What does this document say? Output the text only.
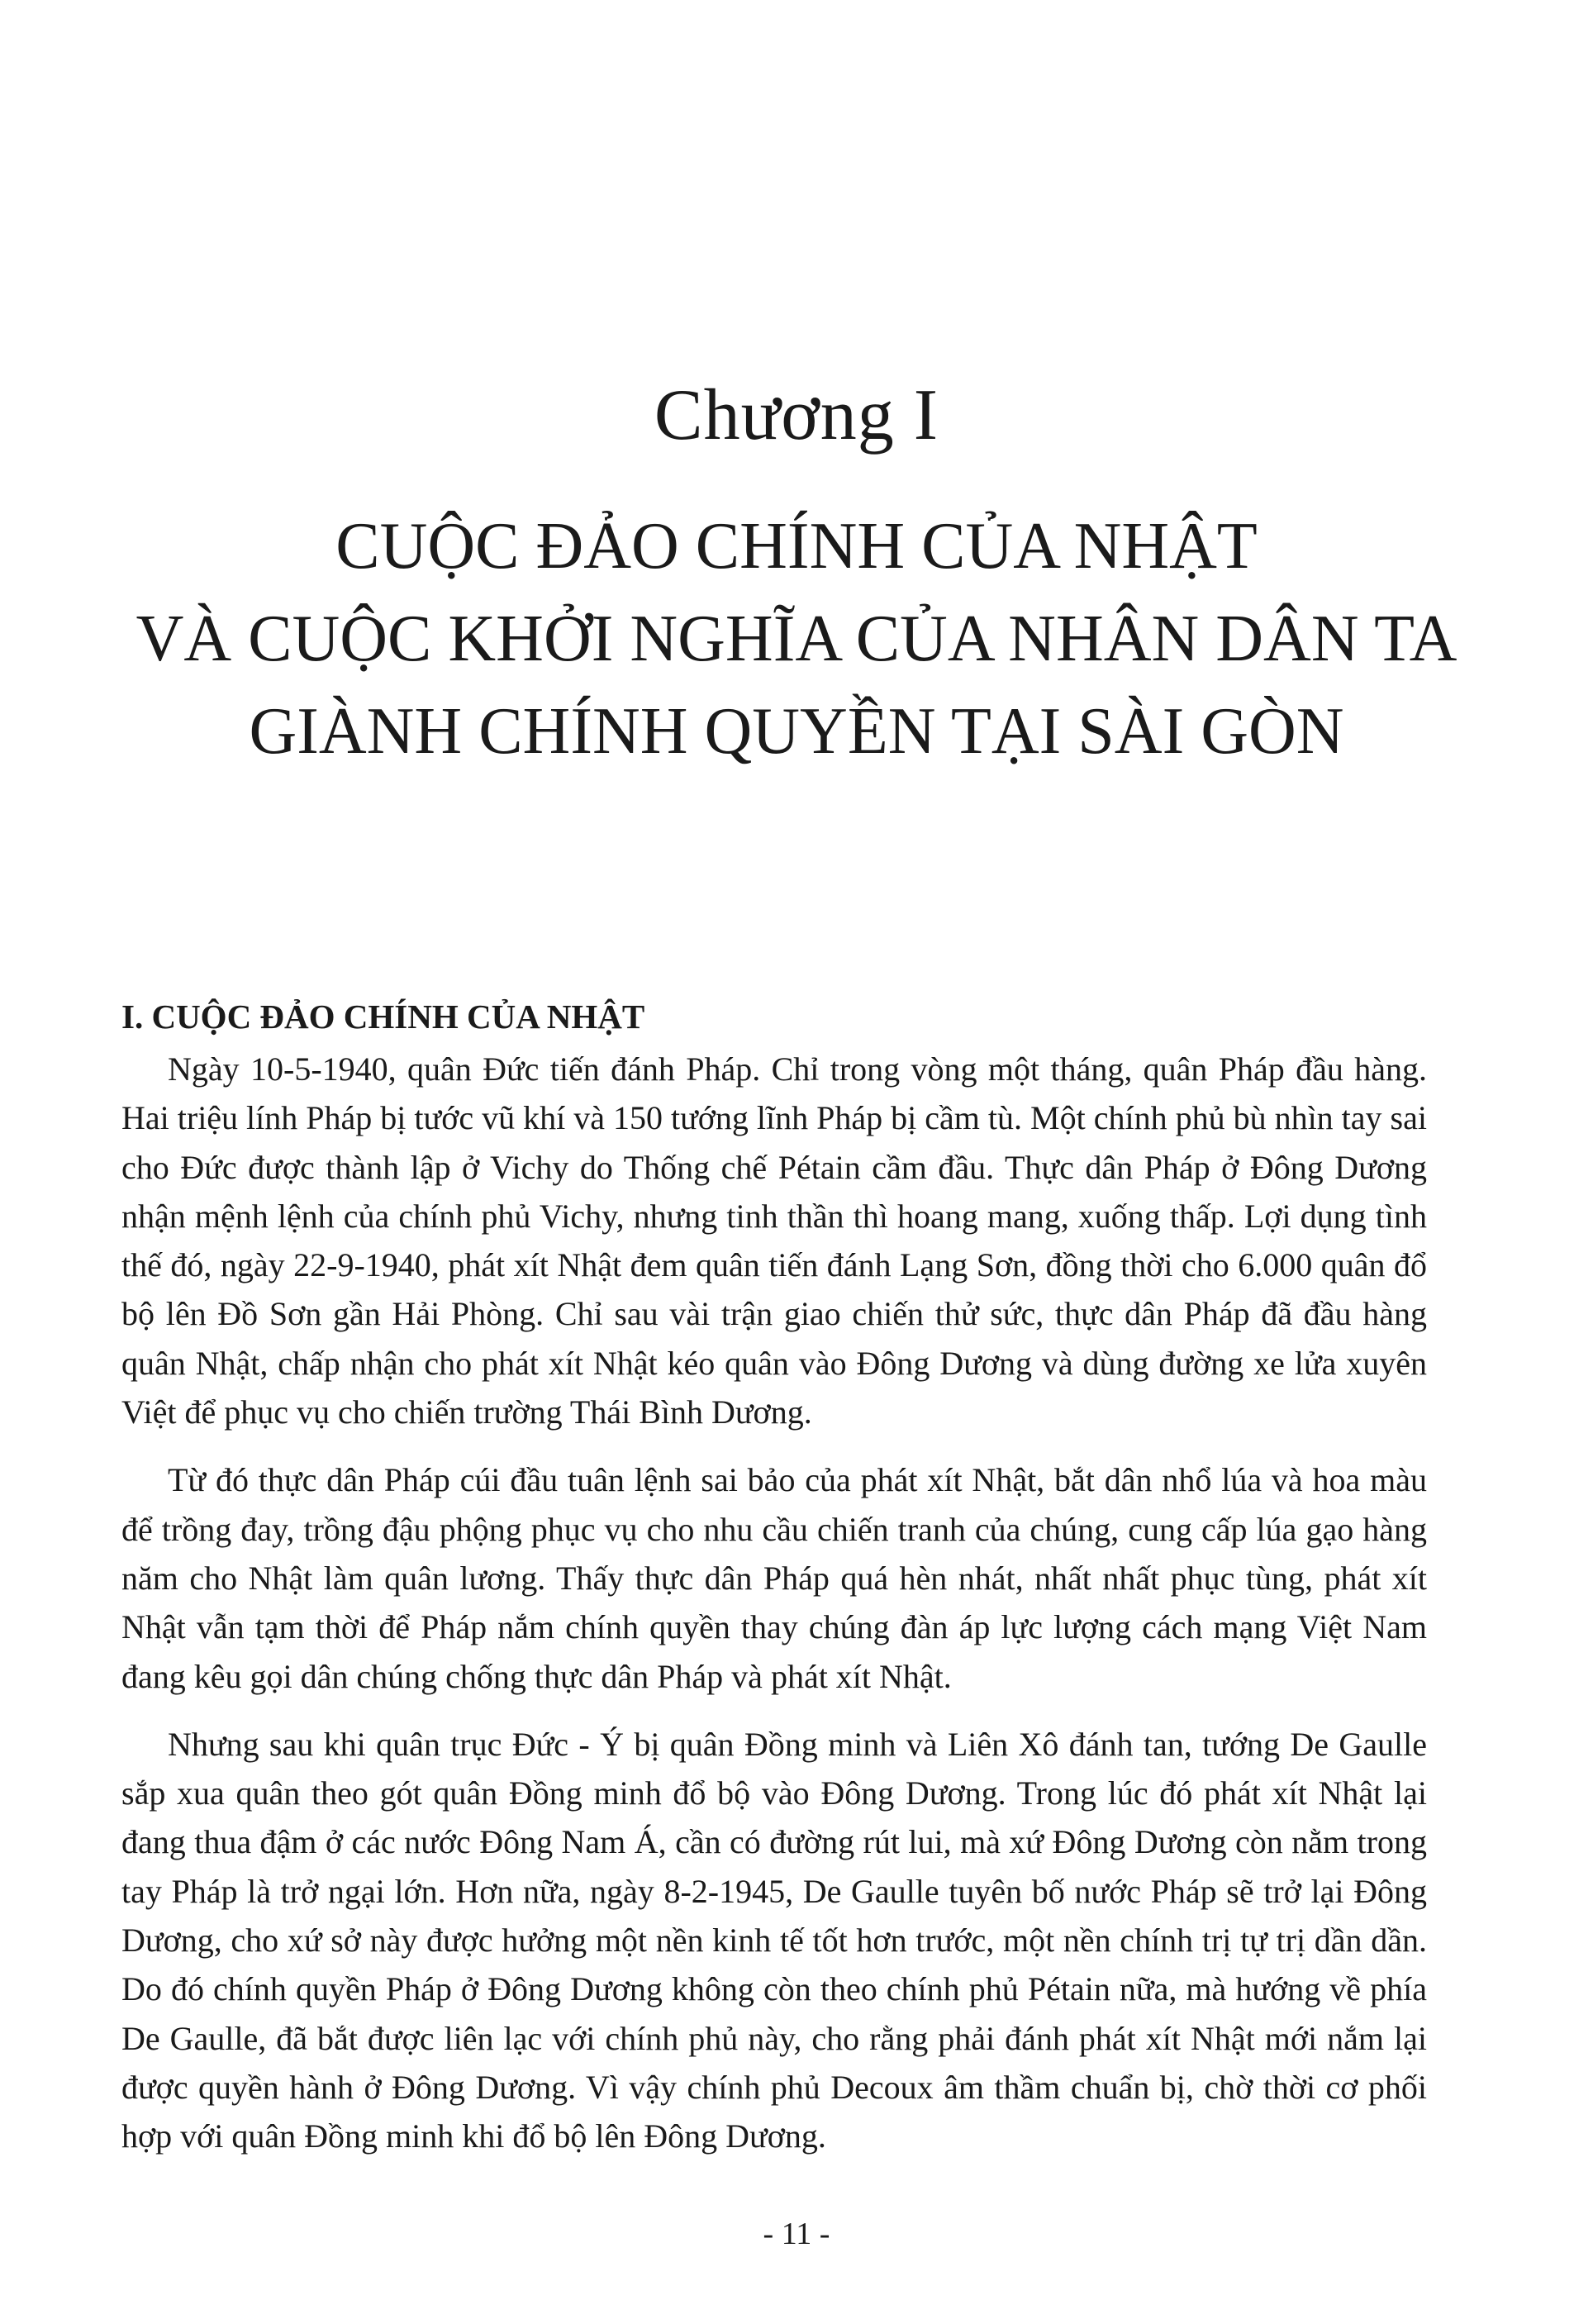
Chương I
CUỘC ĐẢO CHÍNH CỦA NHẬT
VÀ CUỘC KHỞI NGHĨA CỦA NHÂN DÂN TA
GIÀNH CHÍNH QUYỀN TẠI SÀI GÒN
I. CUỘC ĐẢO CHÍNH CỦA NHẬT

Ngày 10-5-1940, quân Đức tiến đánh Pháp. Chỉ trong vòng một tháng, quân Pháp đầu hàng. Hai triệu lính Pháp bị tước vũ khí và 150 tướng lĩnh Pháp bị cầm tù. Một chính phủ bù nhìn tay sai cho Đức được thành lập ở Vichy do Thống chế Pétain cầm đầu. Thực dân Pháp ở Đông Dương nhận mệnh lệnh của chính phủ Vichy, nhưng tinh thần thì hoang mang, xuống thấp. Lợi dụng tình thế đó, ngày 22-9-1940, phát xít Nhật đem quân tiến đánh Lạng Sơn, đồng thời cho 6.000 quân đổ bộ lên Đồ Sơn gần Hải Phòng. Chỉ sau vài trận giao chiến thử sức, thực dân Pháp đã đầu hàng quân Nhật, chấp nhận cho phát xít Nhật kéo quân vào Đông Dương và dùng đường xe lửa xuyên Việt để phục vụ cho chiến trường Thái Bình Dương.

Từ đó thực dân Pháp cúi đầu tuân lệnh sai bảo của phát xít Nhật, bắt dân nhổ lúa và hoa màu để trồng đay, trồng đậu phộng phục vụ cho nhu cầu chiến tranh của chúng, cung cấp lúa gạo hàng năm cho Nhật làm quân lương. Thấy thực dân Pháp quá hèn nhát, nhất nhất phục tùng, phát xít Nhật vẫn tạm thời để Pháp nắm chính quyền thay chúng đàn áp lực lượng cách mạng Việt Nam đang kêu gọi dân chúng chống thực dân Pháp và phát xít Nhật.

Nhưng sau khi quân trục Đức - Ý bị quân Đồng minh và Liên Xô đánh tan, tướng De Gaulle sắp xua quân theo gót quân Đồng minh đổ bộ vào Đông Dương. Trong lúc đó phát xít Nhật lại đang thua đậm ở các nước Đông Nam Á, cần có đường rút lui, mà xứ Đông Dương còn nằm trong tay Pháp là trở ngại lớn. Hơn nữa, ngày 8-2-1945, De Gaulle tuyên bố nước Pháp sẽ trở lại Đông Dương, cho xứ sở này được hưởng một nền kinh tế tốt hơn trước, một nền chính trị tự trị dần dần. Do đó chính quyền Pháp ở Đông Dương không còn theo chính phủ Pétain nữa, mà hướng về phía De Gaulle, đã bắt được liên lạc với chính phủ này, cho rằng phải đánh phát xít Nhật mới nắm lại được quyền hành ở Đông Dương. Vì vậy chính phủ Decoux âm thầm chuẩn bị, chờ thời cơ phối hợp với quân Đồng minh khi đổ bộ lên Đông Dương.

- 11 -
